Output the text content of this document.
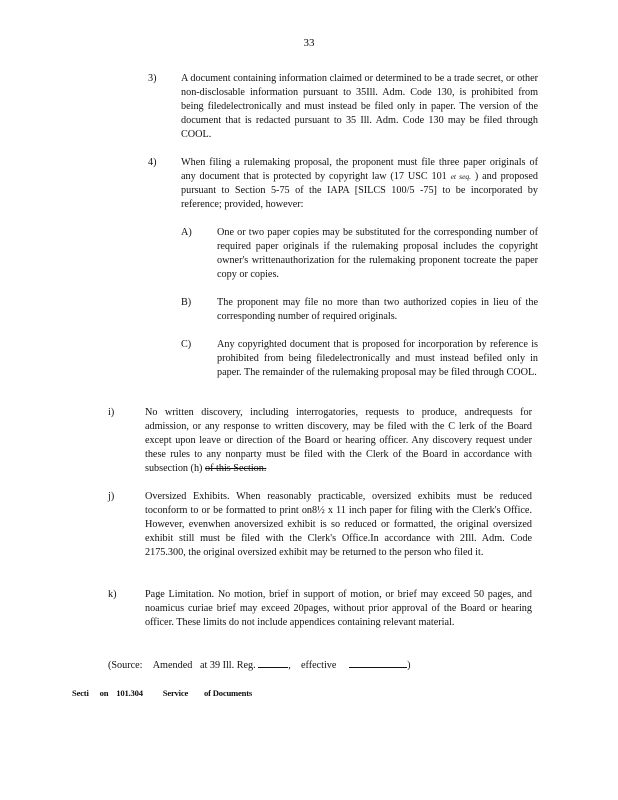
33
3) A document containing information claimed or determined to be a trade secret, or other non-disclosable information pursuant to 35Ill. Adm. Code 130, is prohibited from being filedelectronically and must instead be filed only in paper. The version of the document that is redacted pursuant to 35 Ill. Adm. Code 130 may be filed through COOL.
4) When filing a rulemaking proposal, the proponent must file three paper originals of any document that is protected by copyright law (17 USC 101 et seq. ) and proposed pursuant to Section 5-75 of the IAPA [SILCS 100/5 -75] to be incorporated by reference; provided, however:
A) One or two paper copies may be substituted for the corresponding number of required paper originals if the rulemaking proposal includes the copyright owner's writtenauthorization for the rulemaking proponent tocreate the paper copy or copies.
B)	The proponent may file no more than two authorized copies in lieu of the corresponding number of required originals.
C)	Any copyrighted document that is proposed for incorporation by reference is prohibited from being filedelectronically and must instead befiled only in paper. The remainder of the rulemaking proposal may be filed through COOL.
i)	No written discovery, including interrogatories, requests to produce, andrequests for admission, or any response to written discovery, may be filed with the C lerk of the Board except upon leave or direction of the Board or hearing officer. Any discovery request under these rules to any nonparty must be filed with the Clerk of the Board in accordance with subsection (h) of this Section.
j)	Oversized Exhibits. When reasonably practicable, oversized exhibits must be reduced toconform to or be formatted to print on8½ x 11 inch paper for filing with the Clerk's Office. However, evenwhen anoversized exhibit is so reduced or formatted, the original oversized exhibit still must be filed with the Clerk's Office.In accordance with 2Ill. Adm. Code 2175.300, the original oversized exhibit may be returned to the person who filed it.
k)	Page Limitation. No motion, brief in support of motion, or brief may exceed 50 pages, and noamicus curiae brief may exceed 20pages, without prior approval of the Board or hearing officer. These limits do not include appendices containing relevant material.
(Source: Amended at 39 Ill. Reg.	, effective	)
Secti on 101.304 Service of Documents
